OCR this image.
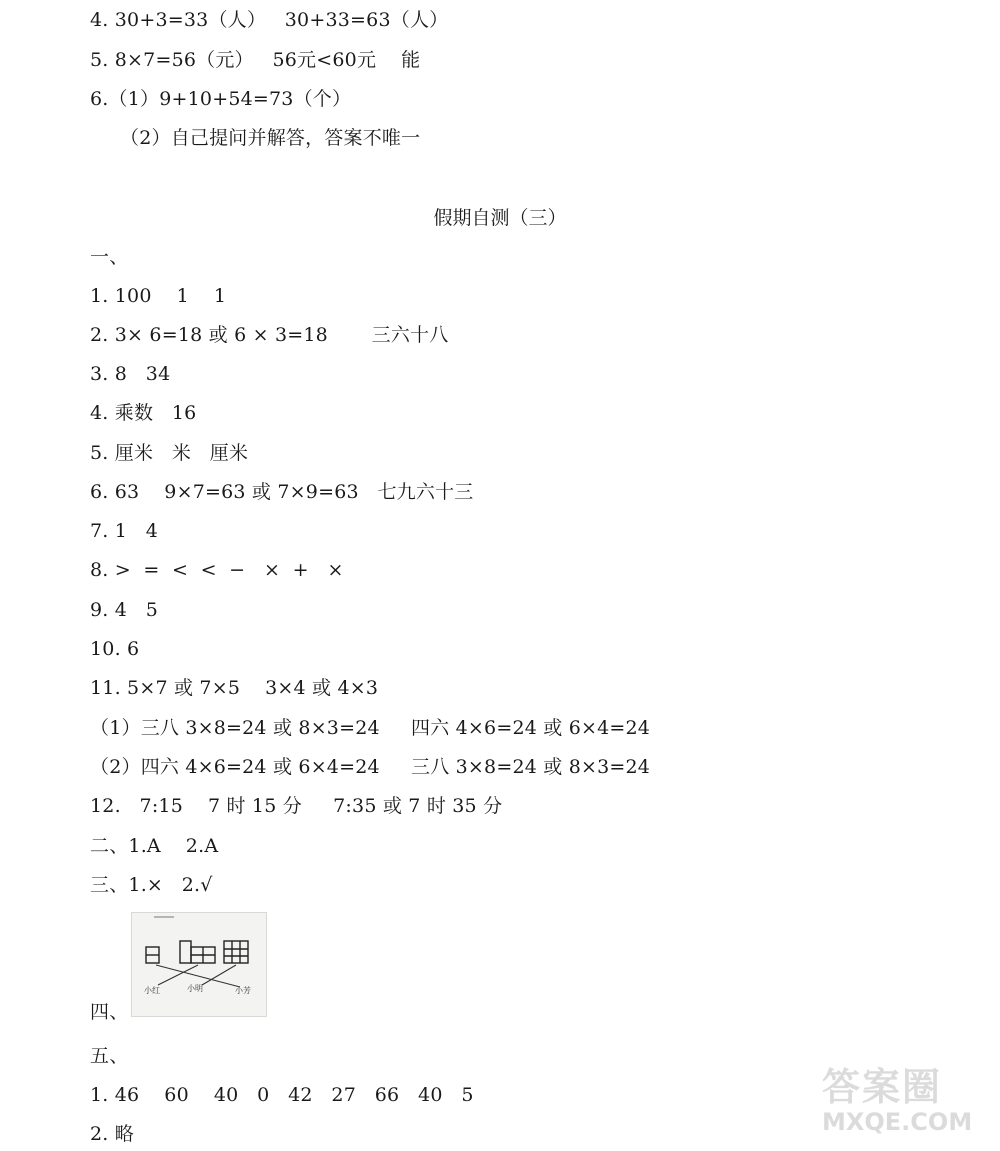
4. 30+3=33（人）   30+33=63（人）
5. 8×7=56（元）   56元<60元    能
6.（1）9+10+54=73（个）
（2）自己提问并解答，答案不唯一
假期自测（三）
一、
1. 100    1    1
2. 3× 6=18 或 6 × 3=18       三六十八
3. 8   34
4. 乘数   16
5. 厘米   米   厘米
6. 63    9×7=63 或 7×9=63   七九六十三
7. 1   4
8. >  =  <  <  −   ×  +   ×
9. 4   5
10. 6
11. 5×7 或 7×5    3×4 或 4×3
（1）三八 3×8=24 或 8×3=24     四六 4×6=24 或 6×4=24
（2）四六 4×6=24 或 6×4=24     三八 3×8=24 或 8×3=24
12.   7:15    7 时 15 分     7:35 或 7 时 35 分
二、1.A    2.A
三、1.×   2.√
四、
小红	小明	小芳
五、
1. 46    60    40   0   42   27   66   40   5
2. 略
答案圈
MXQE.COM
